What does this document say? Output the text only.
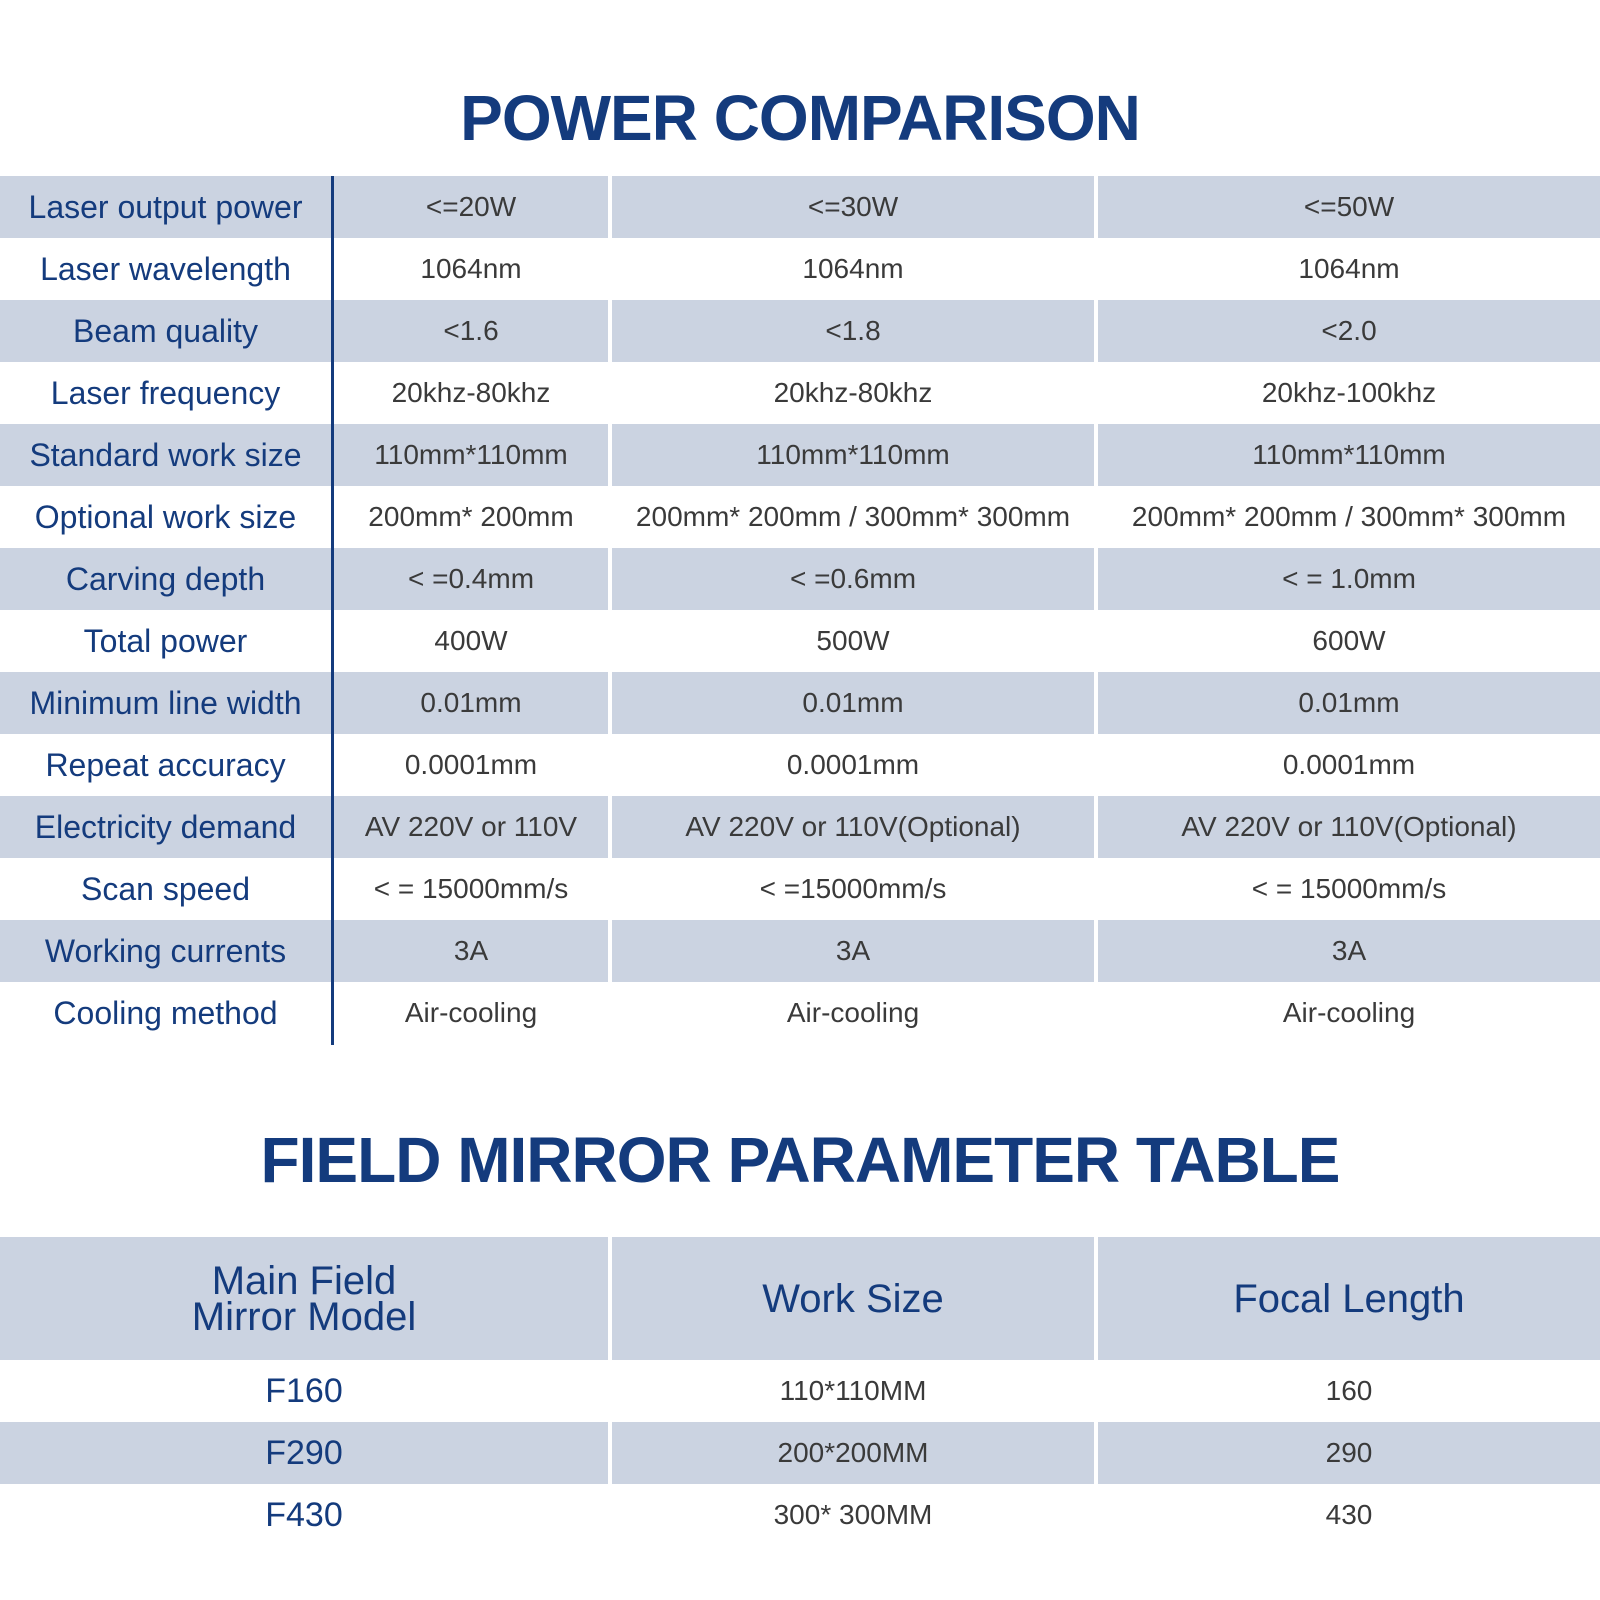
POWER COMPARISON
Laser output power	<=20W	<=30W	<=50W
Laser wavelength	1064nm	1064nm	1064nm
Beam quality	<1.6	<1.8	<2.0
Laser frequency	20khz-80khz	20khz-80khz	20khz-100khz
Standard work size	110mm*110mm	110mm*110mm	110mm*110mm
Optional work size	200mm* 200mm	200mm* 200mm / 300mm* 300mm	200mm* 200mm / 300mm* 300mm
Carving depth	< =0.4mm	< =0.6mm	< = 1.0mm
Total power	400W	500W	600W
Minimum line width	0.01mm	0.01mm	0.01mm
Repeat accuracy	0.0001mm	0.0001mm	0.0001mm
Electricity demand	AV 220V or 110V	AV 220V or 110V(Optional)	AV 220V or 110V(Optional)
Scan speed	< = 15000mm/s	< =15000mm/s	< = 15000mm/s
Working currents	3A	3A	3A
Cooling method	Air-cooling	Air-cooling	Air-cooling
FIELD MIRROR PARAMETER TABLE
Main Field Mirror Model	Work Size	Focal Length
F160	110*110MM	160
F290	200*200MM	290
F430	300* 300MM	430
